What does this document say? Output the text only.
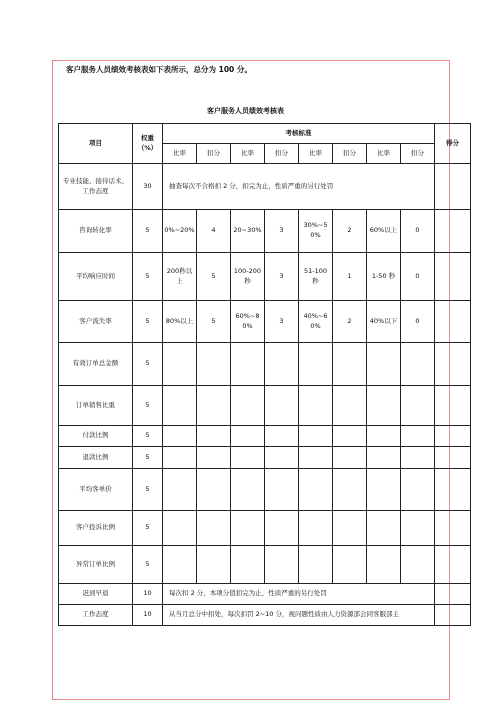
客户服务人员绩效考核表如下表所示，总分为 100 分。
客户服务人员绩效考核表
项目	权重（%）	考核标准								得分
		比率	扣分	比率	扣分	比率	扣分	比率	扣分	
专业技能、接待话术、工作态度	30	抽查每次不合格扣 2 分，扣完为止，性质严重的另行处罚								
咨询转化率	5	0%~20%	4	20~30%	3	30%~50%	2	60%以上	0	
平均响应时间	5	200秒以上	5	100-200 秒	3	51-100 秒	1	1-50 秒	0	
客户流失率	5	80%以上	5	60%~80%	3	40%~60%	2	40%以下	0	
有效订单总金额	5									
订单销售比重	5									
付款比例	5									
退款比例	5									
平均客单价	5									
客户投诉比例	5									
异常订单比例	5									
迟到早退	10	每次扣 2 分，本项分值扣完为止，性质严重的另行处罚								
工作态度	10	从当月总分中扣处，每次扣罚 2~10 分，视问题性质由人力资源部会同客服部主								
